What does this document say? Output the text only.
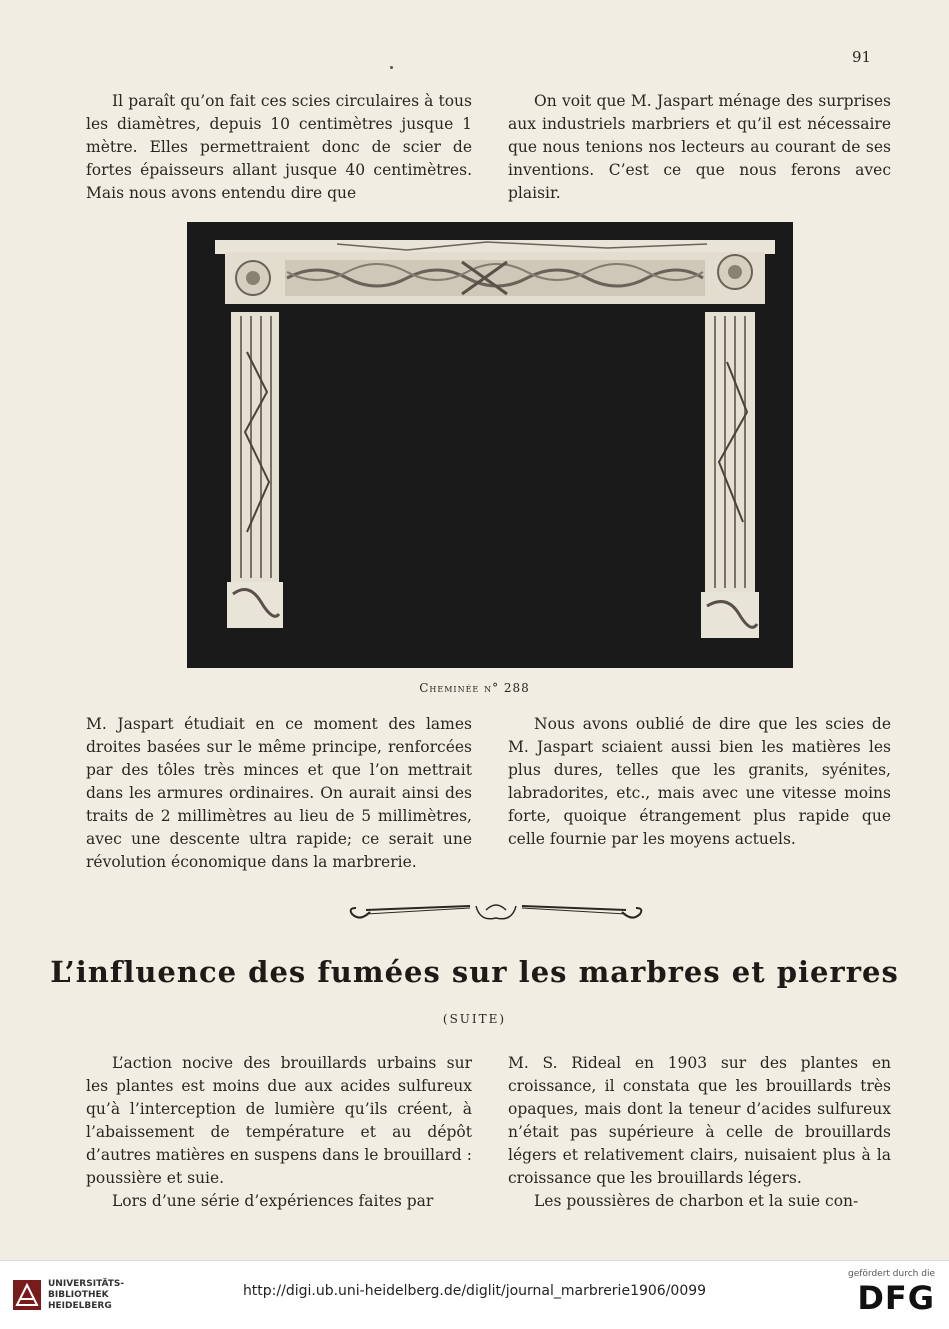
91

Il paraît qu’on fait ces scies circulaires à tous les diamètres, depuis 10 centimètres jusque 1 mètre. Elles permettraient donc de scier de fortes épaisseurs allant jusque 40 centimètres. Mais nous avons entendu dire que

On voit que M. Jaspart ménage des surprises aux industriels marbriers et qu’il est nécessaire que nous tenions nos lecteurs au courant de ses inventions. C’est ce que nous ferons avec plaisir.

Cheminée n° 288

M. Jaspart étudiait en ce moment des lames droites basées sur le même principe, renforcées par des tôles très minces et que l’on mettrait dans les armures ordinaires. On aurait ainsi des traits de 2 millimètres au lieu de 5 millimètres, avec une descente ultra rapide; ce serait une révolution économique dans la marbrerie.

Nous avons oublié de dire que les scies de M. Jaspart sciaient aussi bien les matières les plus dures, telles que les granits, syénites, labradorites, etc., mais avec une vitesse moins forte, quoique étrangement plus rapide que celle fournie par les moyens actuels.

L’influence des fumées sur les marbres et pierres
(SUITE)

L’action nocive des brouillards urbains sur les plantes est moins due aux acides sulfureux qu’à l’interception de lumière qu’ils créent, à l’abaissement de température et au dépôt d’autres matières en suspens dans le brouillard : poussière et suie.

Lors d’une série d’expériences faites par

M. S. Rideal en 1903 sur des plantes en croissance, il constata que les brouillards très opaques, mais dont la teneur d’acides sulfureux n’était pas supérieure à celle de brouillards légers et relativement clairs, nuisaient plus à la croissance que les brouillards légers.

Les poussières de charbon et la suie con-

UNIVERSITÄTS-
BIBLIOTHEK
HEIDELBERG
http://digi.ub.uni-heidelberg.de/diglit/journal_marbrerie1906/0099
gefördert durch die
DFG
